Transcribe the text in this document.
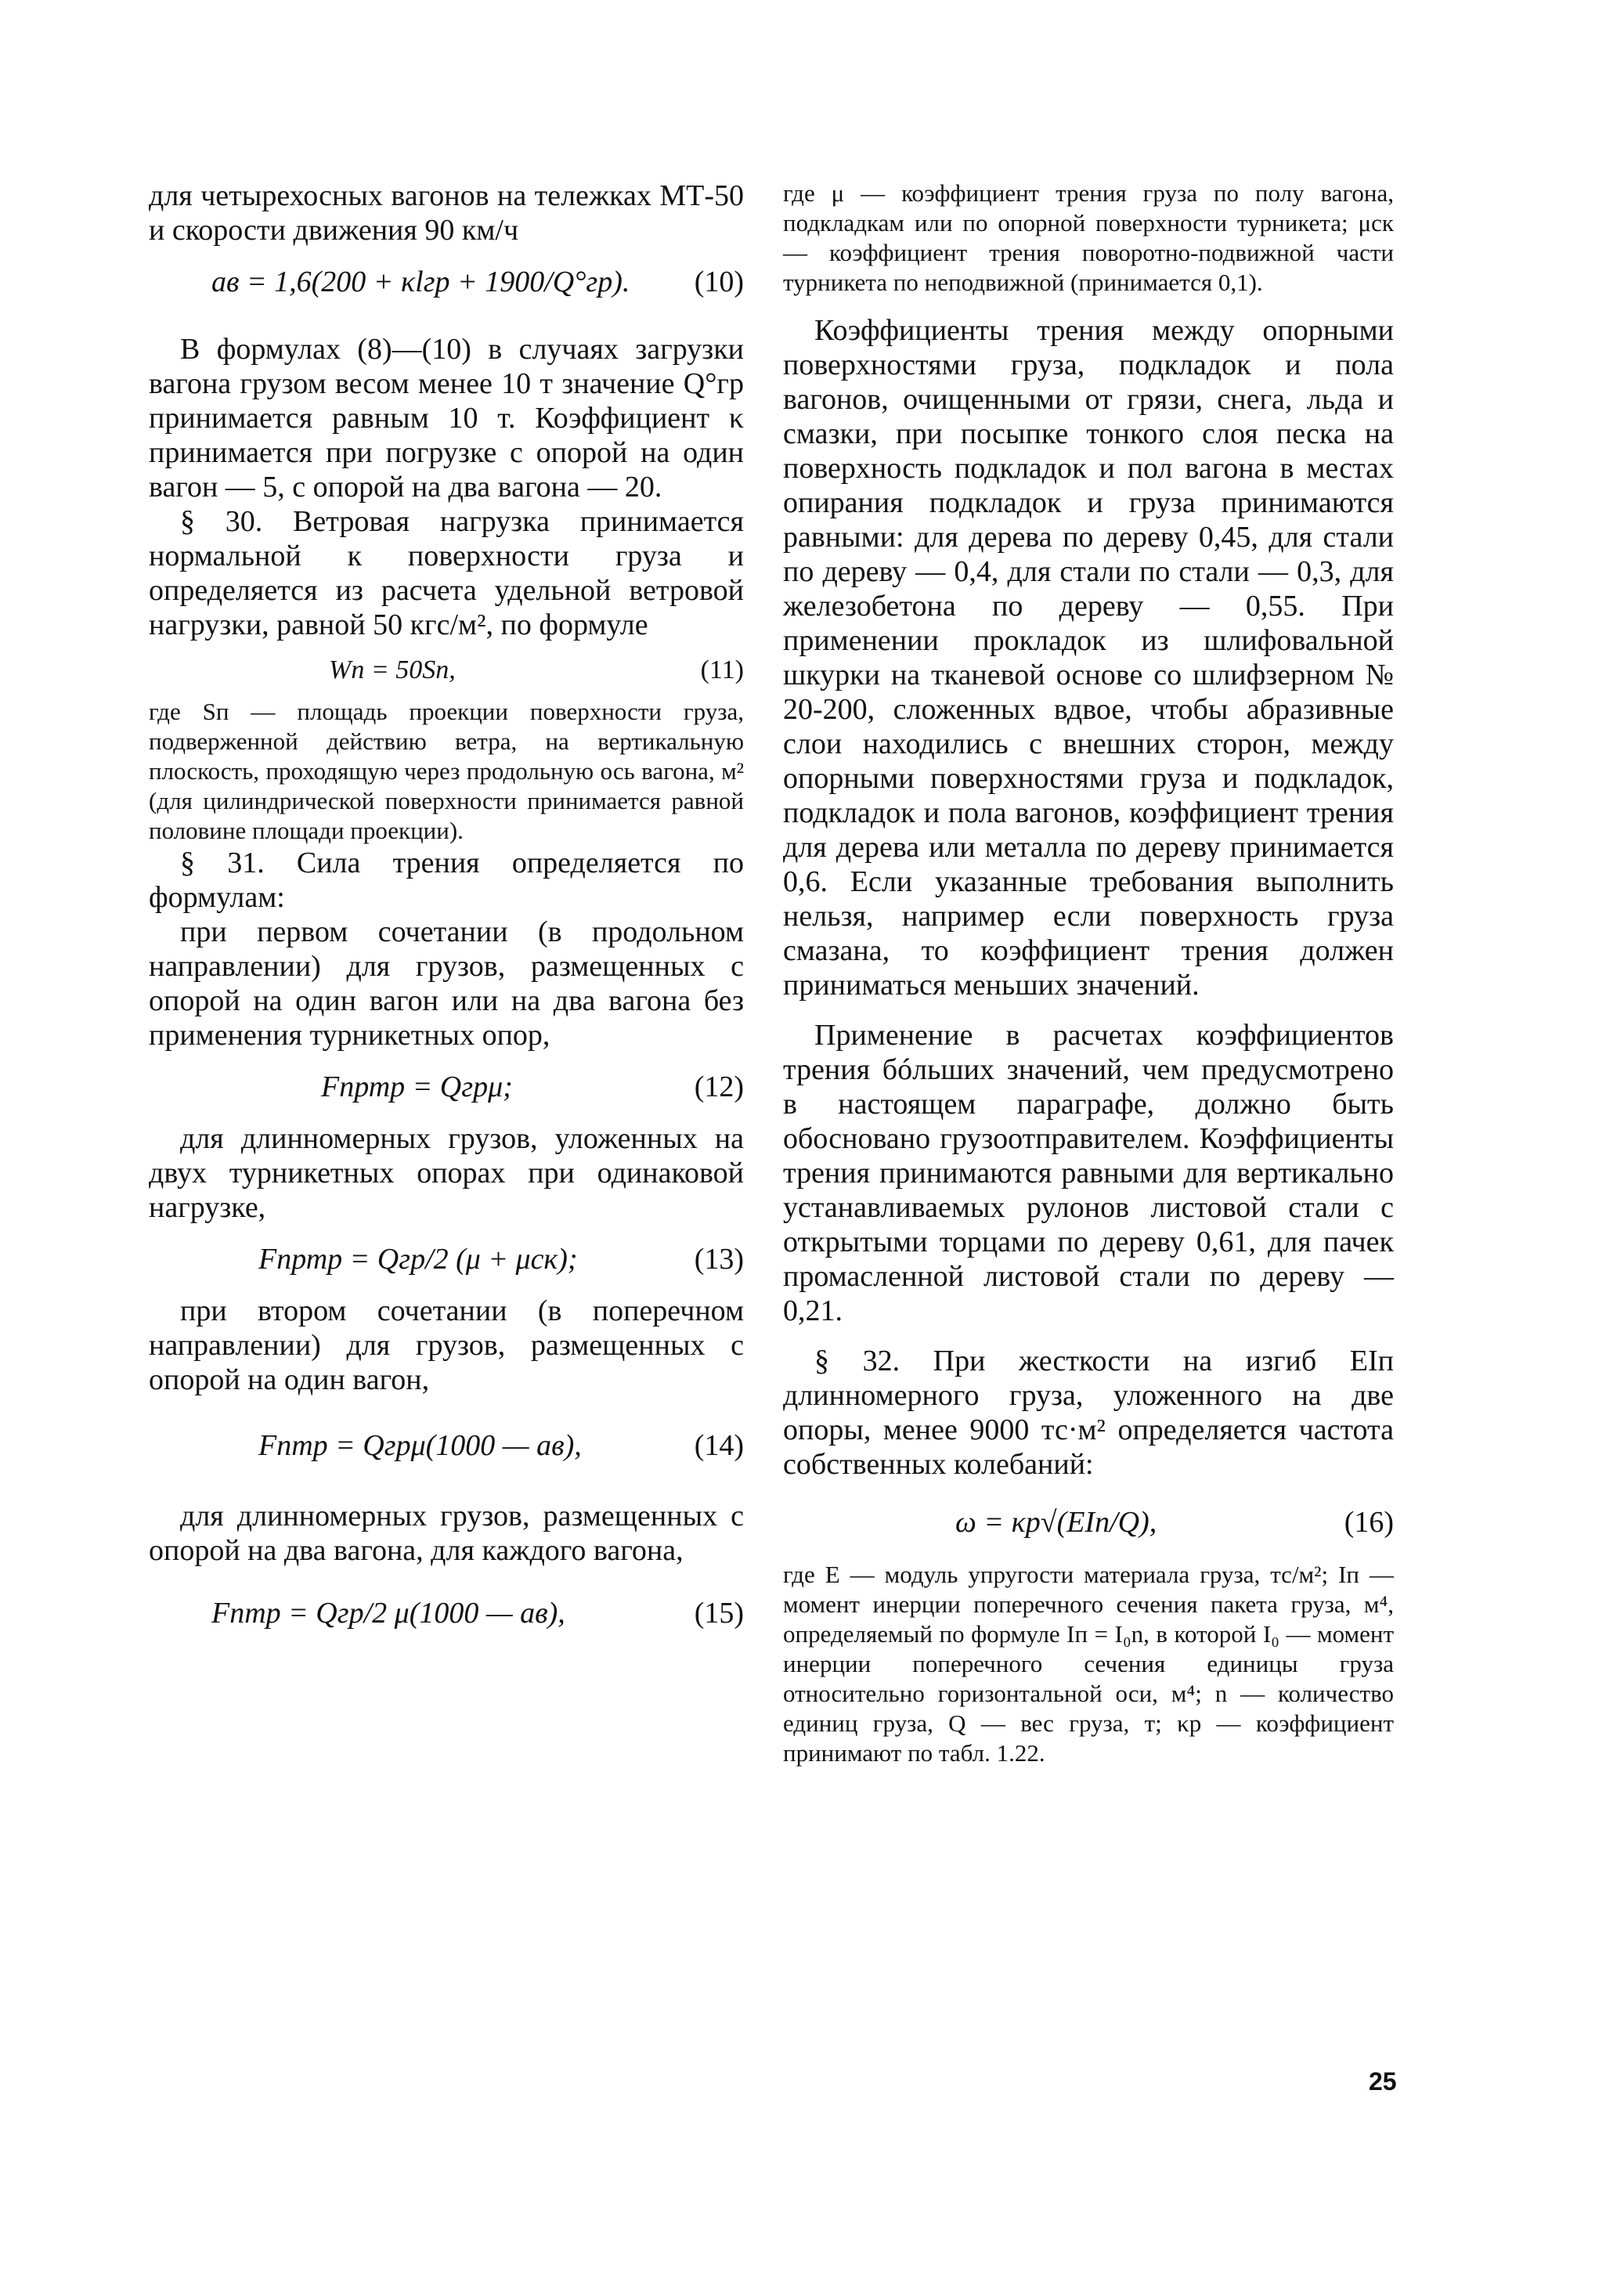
для четырехосных вагонов на тележках МТ-50 и скорости движения 90 км/ч

aв = 1,6(200 + κlгр + 1900/Q°гр). (10)

В формулах (8)—(10) в случаях загрузки вагона грузом весом менее 10 т значение Q°гр принимается равным 10 т. Коэффициент κ принимается при погрузке с опорой на один вагон — 5, с опорой на два вагона — 20.

§ 30. Ветровая нагрузка принимается нормальной к поверхности груза и определяется из расчета удельной ветровой нагрузки, равной 50 кгс/м², по формуле

Wп = 50Sп,	(11)

где Sп — площадь проекции поверхности груза, подверженной действию ветра, на вертикальную плоскость, проходящую через продольную ось вагона, м² (для цилиндрической поверхности принимается равной половине площади проекции).

§ 31. Сила трения определяется по формулам:

при первом сочетании (в продольном направлении) для грузов, размещенных с опорой на один вагон или на два вагона без применения турникетных опор,

Fпртр = Qгрμ;	(12)

для длинномерных грузов, уложенных на двух турникетных опорах при одинаковой нагрузке,

Fпртр = Qгр/2 (μ + μск);	(13)

при втором сочетании (в поперечном направлении) для грузов, размещенных с опорой на один вагон,

Fптр = Qгрμ(1000 — aв),	(14)

для длинномерных грузов, размещенных с опорой на два вагона, для каждого вагона,

Fптр = Qгр/2 μ(1000 — aв),	(15)

где μ — коэффициент трения груза по полу вагона, подкладкам или по опорной поверхности турникета; μск — коэффициент трения поворотно-подвижной части турникета по неподвижной (принимается 0,1).

Коэффициенты трения между опорными поверхностями груза, подкладок и пола вагонов, очищенными от грязи, снега, льда и смазки, при посыпке тонкого слоя песка на поверхность подкладок и пол вагона в местах опирания подкладок и груза принимаются равными: для дерева по дереву 0,45, для стали по дереву — 0,4, для стали по стали — 0,3, для железобетона по дереву — 0,55. При применении прокладок из шлифовальной шкурки на тканевой основе со шлифзерном № 20-200, сложенных вдвое, чтобы абразивные слои находились с внешних сторон, между опорными поверхностями груза и подкладок, подкладок и пола вагонов, коэффициент трения для дерева или металла по дереву принимается 0,6. Если указанные требования выполнить нельзя, например если поверхность груза смазана, то коэффициент трения должен приниматься меньших значений.

Применение в расчетах коэффициентов трения бóльших значений, чем предусмотрено в настоящем параграфе, должно быть обосновано грузоотправителем. Коэффициенты трения принимаются равными для вертикально устанавливаемых рулонов листовой стали с открытыми торцами по дереву 0,61, для пачек промасленной листовой стали по дереву — 0,21.

§ 32. При жесткости на изгиб EIп длинномерного груза, уложенного на две опоры, менее 9000 тс·м² определяется частота собственных колебаний:

ω = κр√(EIп/Q),	(16)

где E — модуль упругости материала груза, тс/м²; Iп — момент инерции поперечного сечения пакета груза, м⁴, определяемый по формуле Iп = I₀n, в которой I₀ — момент инерции поперечного сечения единицы груза относительно горизонтальной оси, м⁴; n — количество единиц груза, Q — вес груза, т; κр — коэффициент принимают по табл. 1.22.

25
